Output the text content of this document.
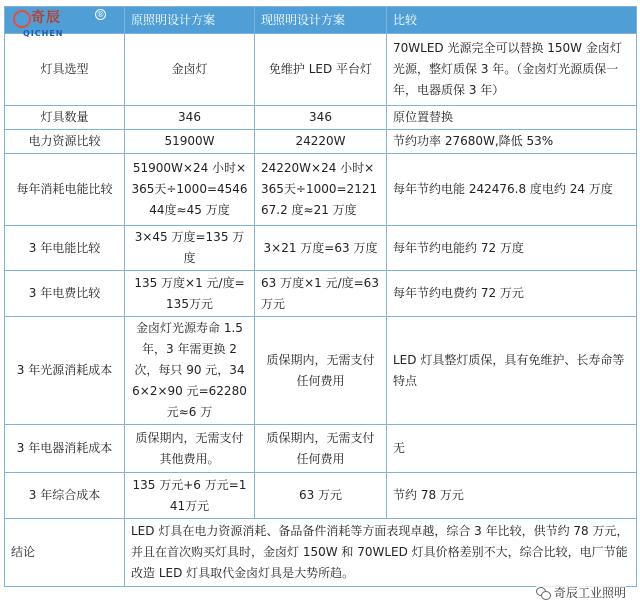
奇辰
QICHEN
®	原照明设计方案	现照明设计方案	比较
灯具选型	金卤灯	免维护 LED 平台灯	70WLED 光源完全可以替换 150W 金卤灯光源，整灯质保 3 年。（金卤灯光源质保一年，电器质保 3 年）
灯具数量	346	346	原位置替换
电力资源比较	51900W	24220W	节约功率 27680W,降低 53%
每年消耗电能比较	51900W×24 小时×365天÷1000=454644度≈45 万度	24220W×24 小时×365天÷1000=212167.2 度≈21 万度	每年节约电能 242476.8 度电约 24 万度
3 年电能比较	3×45 万度=135 万度	3×21 万度=63 万度	每年节约电能约 72 万度
3 年电费比较	135 万度×1 元/度=135万元	63 万度×1 元/度=63 万元	每年节约电费约 72 万元
3 年光源消耗成本	金卤灯光源寿命 1.5 年，3 年需更换 2 次，每只 90 元，346×2×90 元=62280 元≈6 万	质保期内，无需支付任何费用	LED 灯具整灯质保，具有免维护、长寿命等特点
3 年电器消耗成本	质保期内，无需支付其他费用。	质保期内，无需支付任何费用	无
3 年综合成本	135 万元+6 万元=141万元	63 万元	节约 78 万元
结论	LED 灯具在电力资源消耗、备品备件消耗等方面表现卓越，综合 3 年比较，供节约 78 万元，并且在首次购买灯具时，金卤灯 150W 和 70WLED 灯具价格差别不大，综合比较，电厂节能改造 LED 灯具取代金卤灯具是大势所趋。		
奇辰工业照明
